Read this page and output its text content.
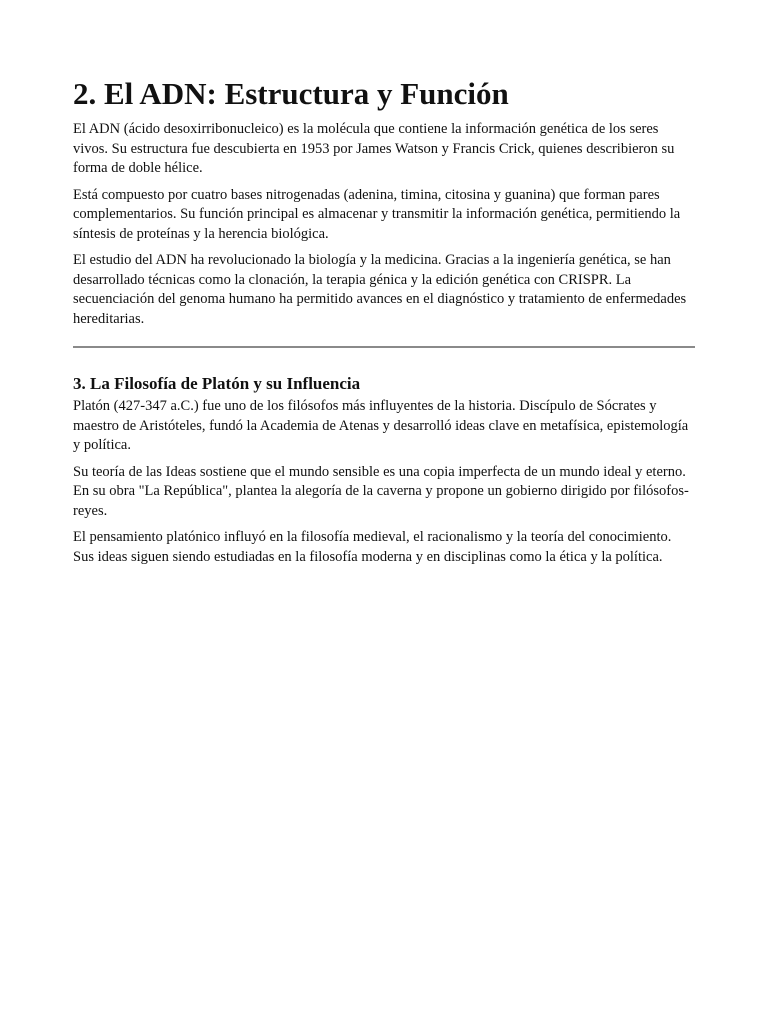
2. El ADN: Estructura y Función

El ADN (ácido desoxirribonucleico) es la molécula que contiene la información genética de los seres vivos. Su estructura fue descubierta en 1953 por James Watson y Francis Crick, quienes describieron su forma de doble hélice.

Está compuesto por cuatro bases nitrogenadas (adenina, timina, citosina y guanina) que forman pares complementarios. Su función principal es almacenar y transmitir la información genética, permitiendo la síntesis de proteínas y la herencia biológica.

El estudio del ADN ha revolucionado la biología y la medicina. Gracias a la ingeniería genética, se han desarrollado técnicas como la clonación, la terapia génica y la edición genética con CRISPR. La secuenciación del genoma humano ha permitido avances en el diagnóstico y tratamiento de enfermedades hereditarias.

3. La Filosofía de Platón y su Influencia

Platón (427-347 a.C.) fue uno de los filósofos más influyentes de la historia. Discípulo de Sócrates y maestro de Aristóteles, fundó la Academia de Atenas y desarrolló ideas clave en metafísica, epistemología y política.

Su teoría de las Ideas sostiene que el mundo sensible es una copia imperfecta de un mundo ideal y eterno. En su obra "La República", plantea la alegoría de la caverna y propone un gobierno dirigido por filósofos-reyes.

El pensamiento platónico influyó en la filosofía medieval, el racionalismo y la teoría del conocimiento. Sus ideas siguen siendo estudiadas en la filosofía moderna y en disciplinas como la ética y la política.
